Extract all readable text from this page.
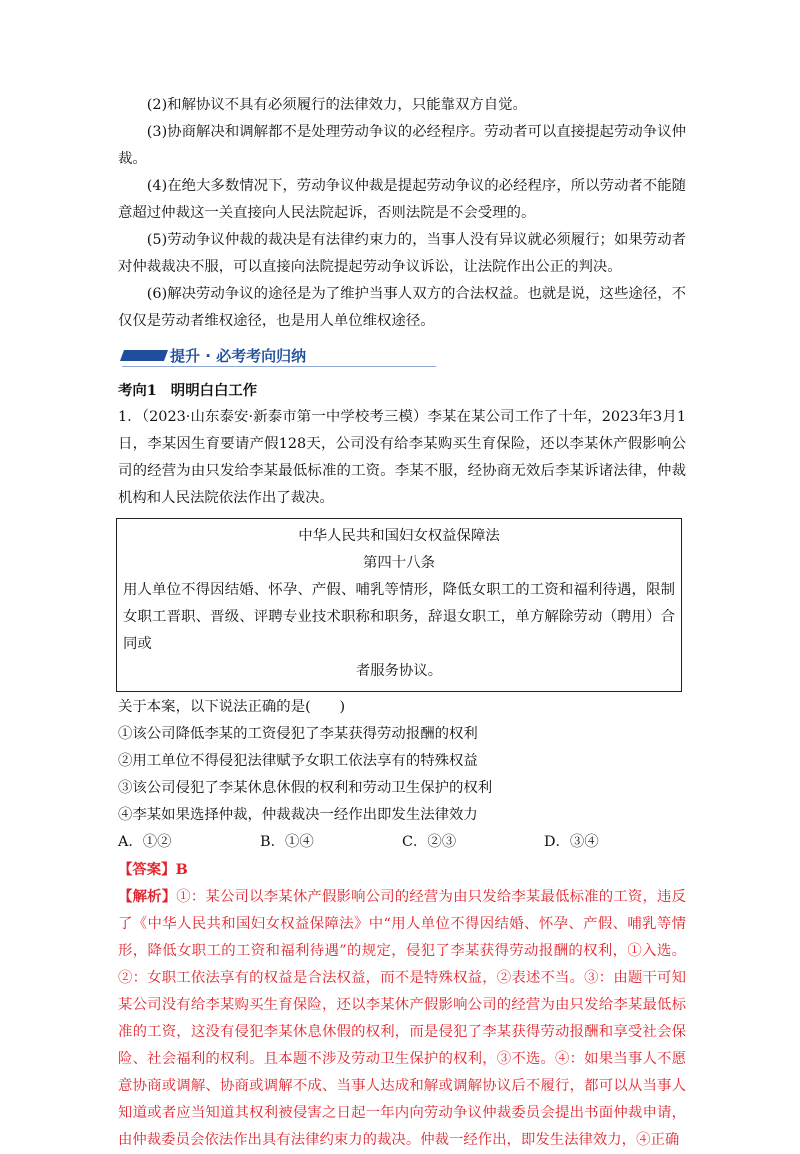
(2)和解协议不具有必须履行的法律效力，只能靠双方自觉。

(3)协商解决和调解都不是处理劳动争议的必经程序。劳动者可以直接提起劳动争议仲裁。

(4)在绝大多数情况下，劳动争议仲裁是提起劳动争议的必经程序，所以劳动者不能随意超过仲裁这一关直接向人民法院起诉，否则法院是不会受理的。

(5)劳动争议仲裁的裁决是有法律约束力的，当事人没有异议就必须履行；如果劳动者对仲裁裁决不服，可以直接向法院提起劳动争议诉讼，让法院作出公正的判决。

(6)解决劳动争议的途径是为了维护当事人双方的合法权益。也就是说，这些途径，不仅仅是劳动者维权途径，也是用人单位维权途径。

提升 · 必考考向归纳

考向1 明明白白工作

1．（2023·山东泰安·新泰市第一中学校考三模）李某在某公司工作了十年，2023年3月1日，李某因生育要请产假128天，公司没有给李某购买生育保险，还以李某休产假影响公司的经营为由只发给李某最低标准的工资。李某不服，经协商无效后李某诉诸法律，仲裁机构和人民法院依法作出了裁决。

中华人民共和国妇女权益保障法

第四十八条

用人单位不得因结婚、怀孕、产假、哺乳等情形，降低女职工的工资和福利待遇，限制女职工晋职、晋级、评聘专业技术职称和职务，辞退女职工，单方解除劳动（聘用）合同或

者服务协议。

关于本案，以下说法正确的是(　　)

①该公司降低李某的工资侵犯了李某获得劳动报酬的权利

②用工单位不得侵犯法律赋予女职工依法享有的特殊权益

③该公司侵犯了李某休息休假的权利和劳动卫生保护的权利

④李某如果选择仲裁，仲裁裁决一经作出即发生法律效力

A．①②	B．①④	C．②③	D．③④

【答案】B

【解析】①：某公司以李某休产假影响公司的经营为由只发给李某最低标准的工资，违反了《中华人民共和国妇女权益保障法》中“用人单位不得因结婚、怀孕、产假、哺乳等情形，降低女职工的工资和福利待遇”的规定，侵犯了李某获得劳动报酬的权利，①入选。②：女职工依法享有的权益是合法权益，而不是特殊权益，②表述不当。③：由题干可知某公司没有给李某购买生育保险，还以李某休产假影响公司的经营为由只发给李某最低标准的工资，这没有侵犯李某休息休假的权利，而是侵犯了李某获得劳动报酬和享受社会保险、社会福利的权利。且本题不涉及劳动卫生保护的权利，③不选。④：如果当事人不愿意协商或调解、协商或调解不成、当事人达成和解或调解协议后不履行，都可以从当事人知道或者应当知道其权利被侵害之日起一年内向劳动争议仲裁委员会提出书面仲裁申请，由仲裁委员会依法作出具有法律约束力的裁决。仲裁一经作出，即发生法律效力，④正确
